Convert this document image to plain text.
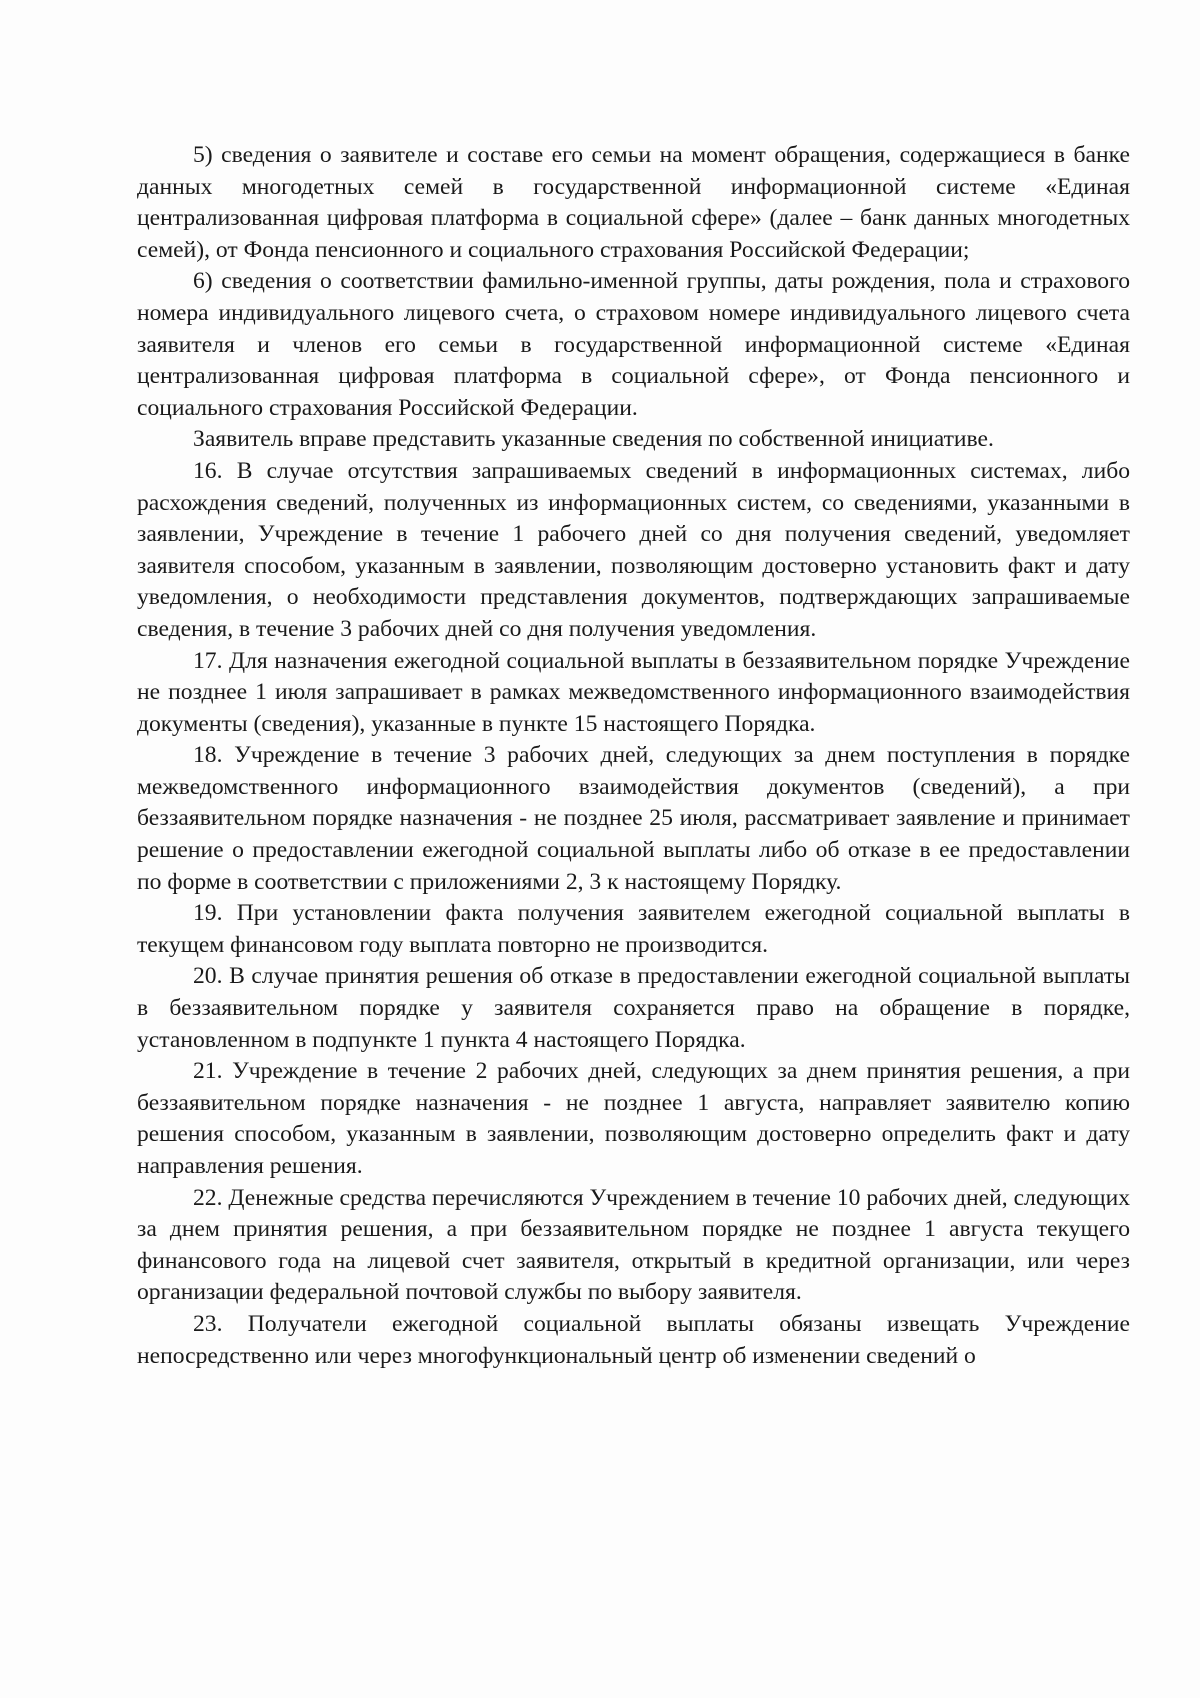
5) сведения о заявителе и составе его семьи на момент обращения, содержащиеся в банке данных многодетных семей в государственной информационной системе «Единая централизованная цифровая платформа в социальной сфере» (далее – банк данных многодетных семей), от Фонда пенсионного и социального страхования Российской Федерации;

6) сведения о соответствии фамильно-именной группы, даты рождения, пола и страхового номера индивидуального лицевого счета, о страховом номере индивидуального лицевого счета заявителя и членов его семьи в государственной информационной системе «Единая централизованная цифровая платформа в социальной сфере», от Фонда пенсионного и социального страхования Российской Федерации.

Заявитель вправе представить указанные сведения по собственной инициативе.

16. В случае отсутствия запрашиваемых сведений в информационных системах, либо расхождения сведений, полученных из информационных систем, со сведениями, указанными в заявлении, Учреждение в течение 1 рабочего дней со дня получения сведений, уведомляет заявителя способом, указанным в заявлении, позволяющим достоверно установить факт и дату уведомления, о необходимости представления документов, подтверждающих запрашиваемые сведения, в течение 3 рабочих дней со дня получения уведомления.

17. Для назначения ежегодной социальной выплаты в беззаявительном порядке Учреждение не позднее 1 июля запрашивает в рамках межведомственного информационного взаимодействия документы (сведения), указанные в пункте 15 настоящего Порядка.

18. Учреждение в течение 3 рабочих дней, следующих за днем поступления в порядке межведомственного информационного взаимодействия документов (сведений), а при беззаявительном порядке назначения - не позднее 25 июля, рассматривает заявление и принимает решение о предоставлении ежегодной социальной выплаты либо об отказе в ее предоставлении по форме в соответствии с приложениями 2, 3 к настоящему Порядку.

19. При установлении факта получения заявителем ежегодной социальной выплаты в текущем финансовом году выплата повторно не производится.

20. В случае принятия решения об отказе в предоставлении ежегодной социальной выплаты в беззаявительном порядке у заявителя сохраняется право на обращение в порядке, установленном в подпункте 1 пункта 4 настоящего Порядка.

21. Учреждение в течение 2 рабочих дней, следующих за днем принятия решения, а при беззаявительном порядке назначения - не позднее 1 августа, направляет заявителю копию решения способом, указанным в заявлении, позволяющим достоверно определить факт и дату направления решения.

22. Денежные средства перечисляются Учреждением в течение 10 рабочих дней, следующих за днем принятия решения, а при беззаявительном порядке не позднее 1 августа текущего финансового года на лицевой счет заявителя, открытый в кредитной организации, или через организации федеральной почтовой службы по выбору заявителя.

23. Получатели ежегодной социальной выплаты обязаны извещать Учреждение непосредственно или через многофункциональный центр об изменении сведений о
